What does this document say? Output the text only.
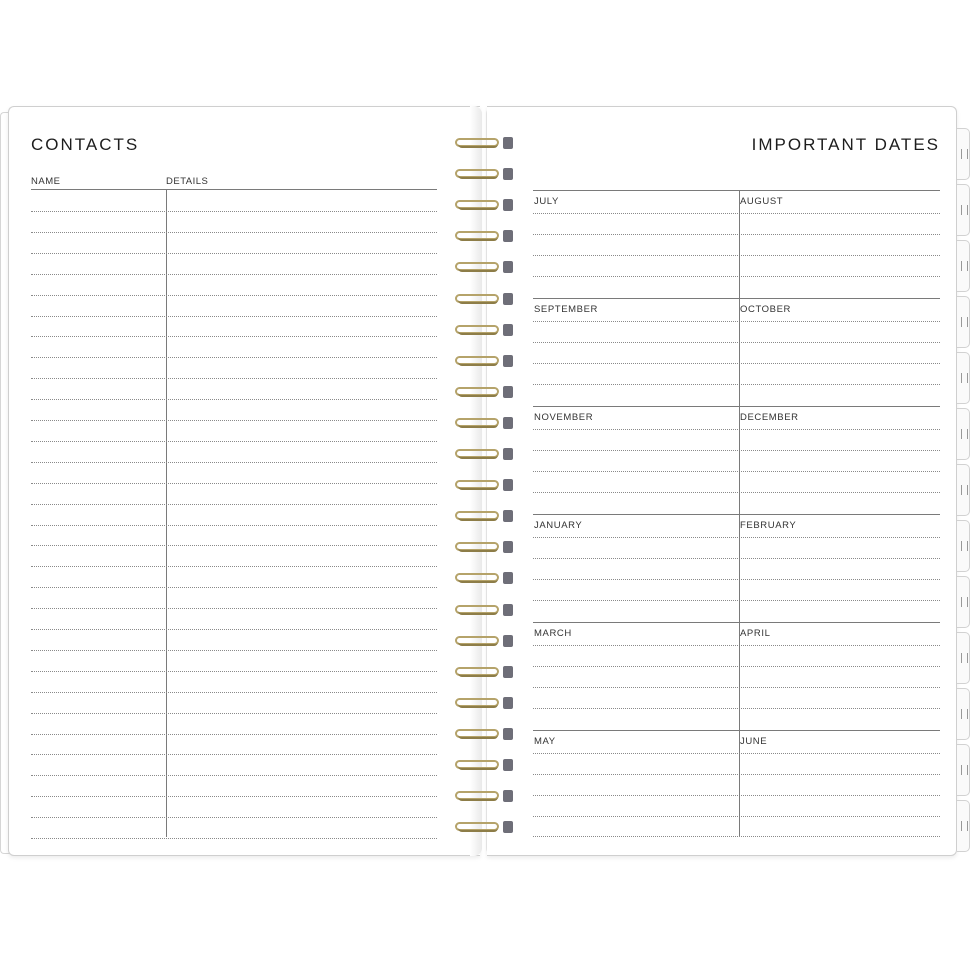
CONTACTS
NAME	DETAILS
IMPORTANT DATES
JULY	AUGUST
SEPTEMBER	OCTOBER
NOVEMBER	DECEMBER
JANUARY	FEBRUARY
MARCH	APRIL
MAY	JUNE
